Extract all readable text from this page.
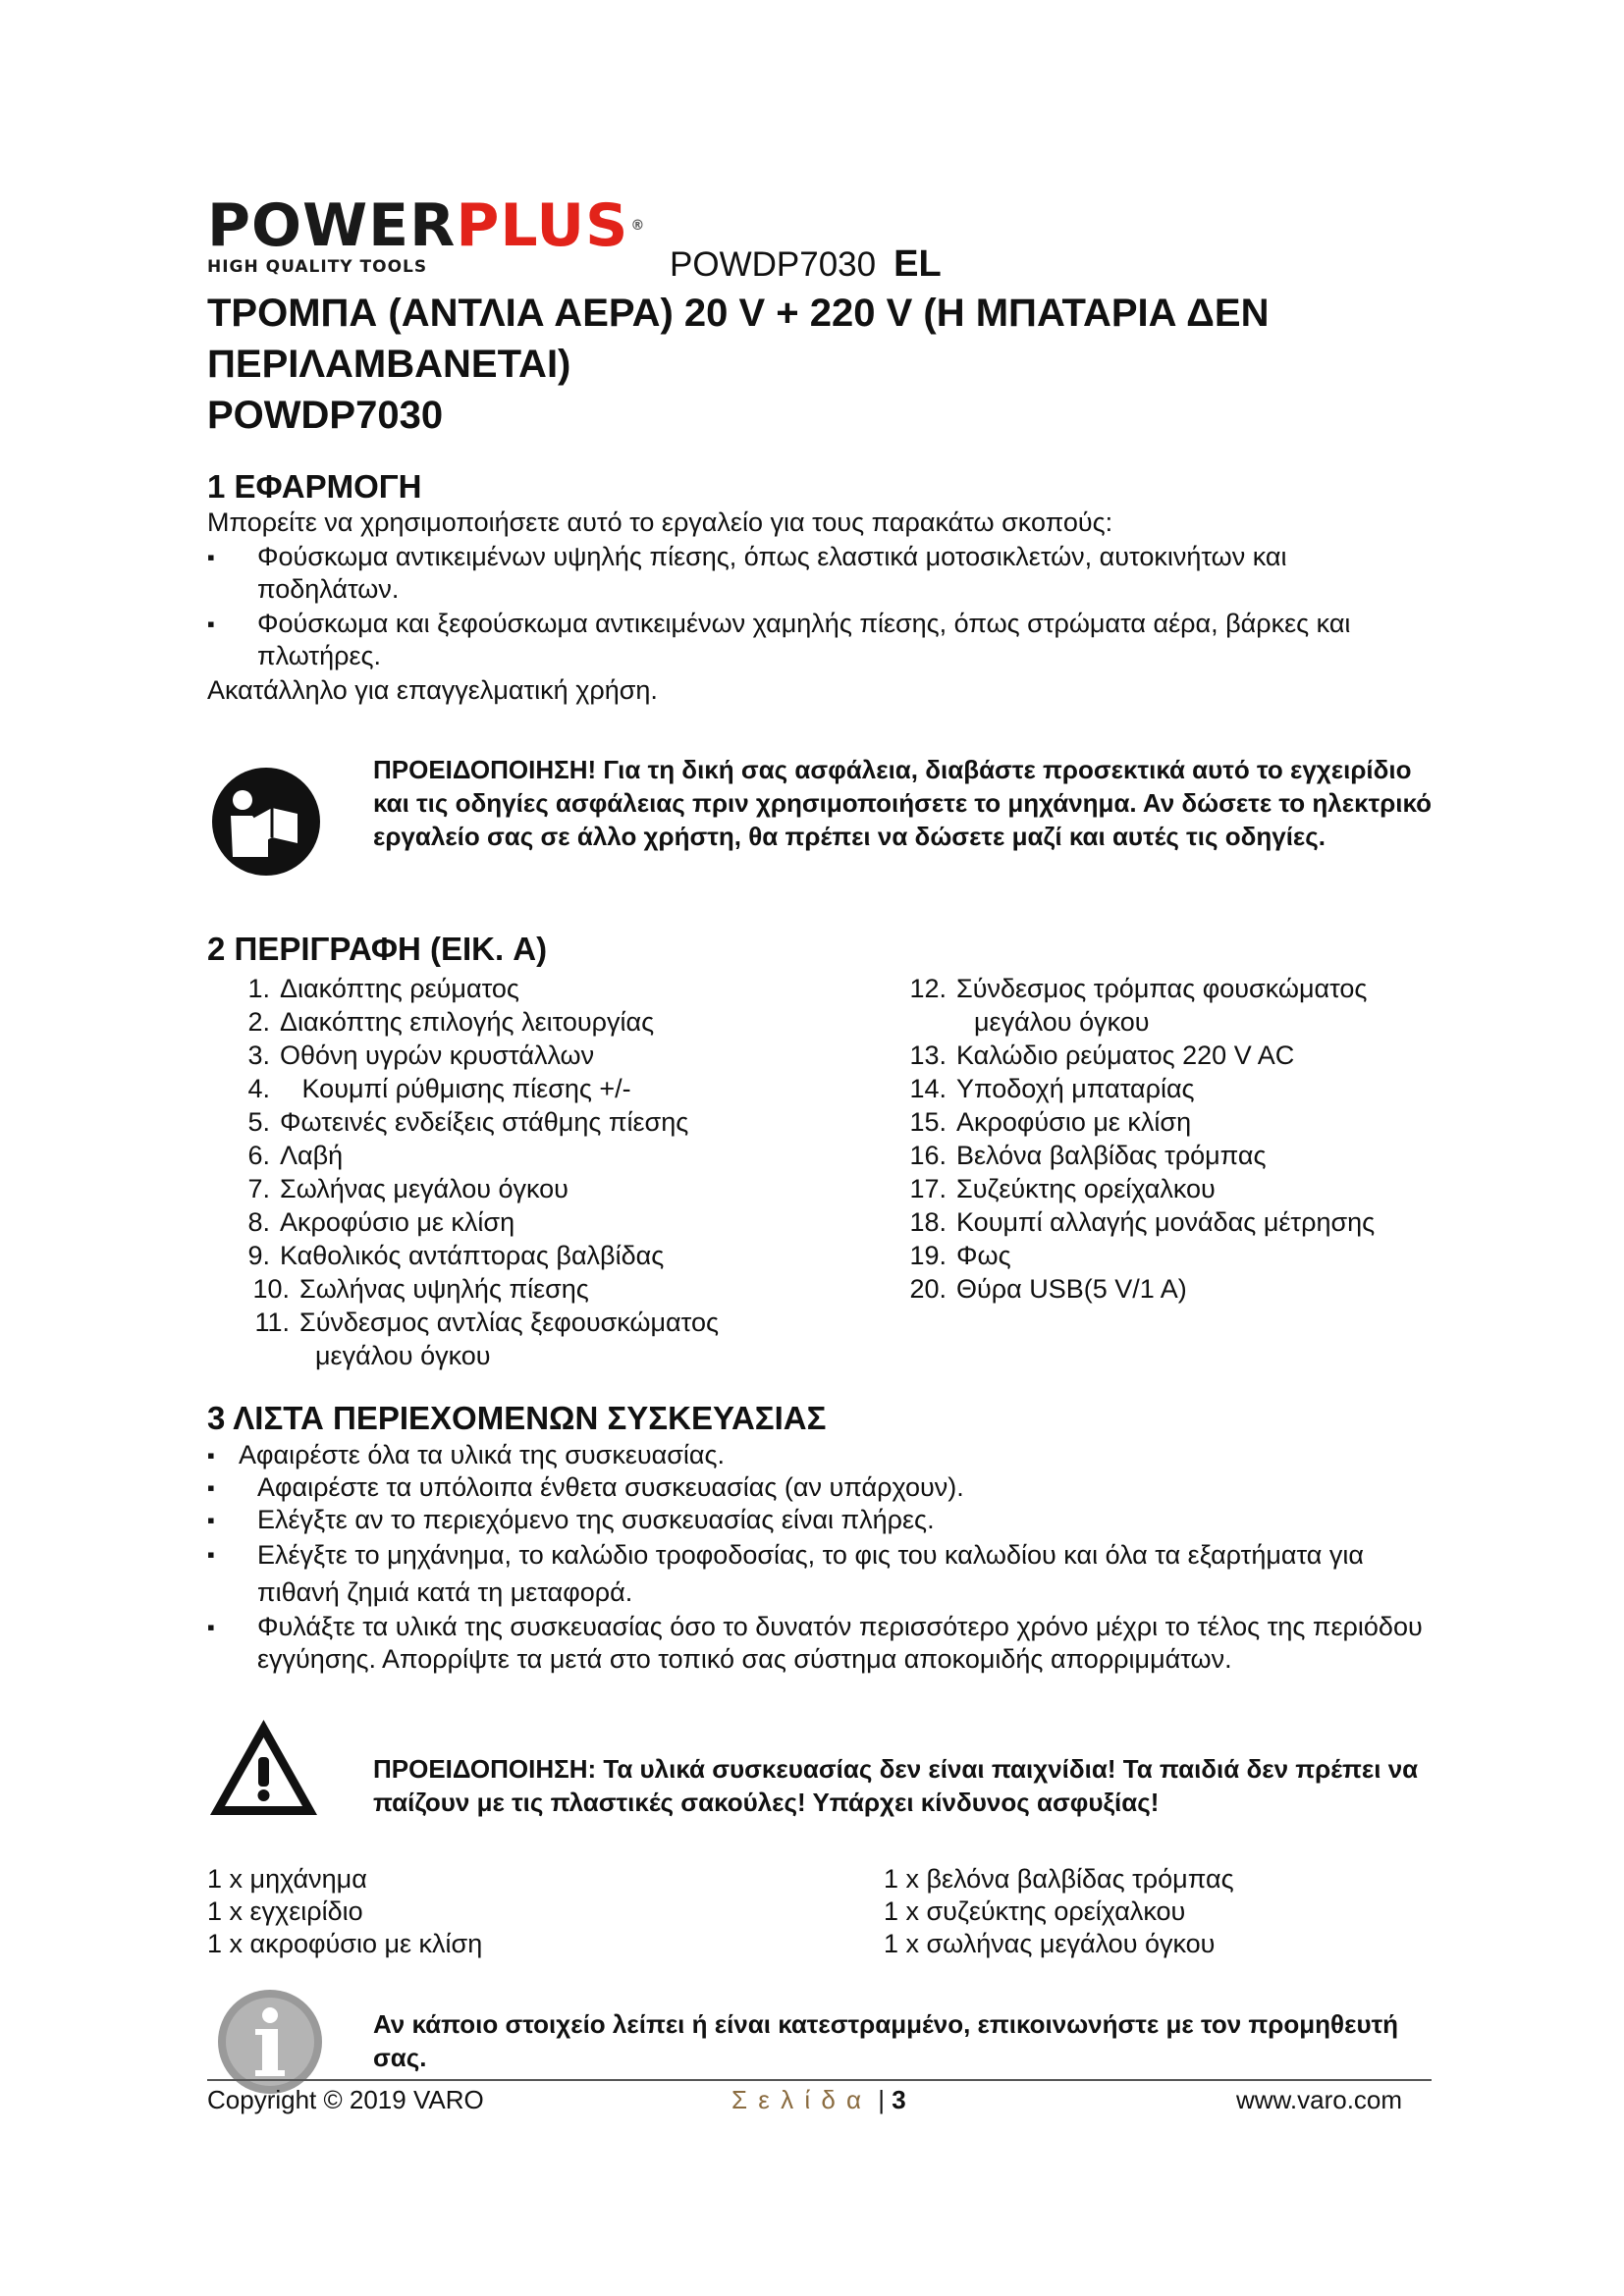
POWERPLUS ®
HIGH QUALITY TOOLS	POWDP7030 EL
ΤΡΟΜΠΑ (ΑΝΤΛΙΑ ΑΕΡΑ) 20 V + 220 V (Η ΜΠΑΤΑΡΙΑ ΔΕΝ
ΠΕΡΙΛΑΜΒΑΝΕΤΑΙ)
POWDP7030
1 ΕΦΑΡΜΟΓΗ
Μπορείτε να χρησιμοποιήσετε αυτό το εργαλείο για τους παρακάτω σκοπούς:
▪ Φούσκωμα αντικειμένων υψηλής πίεσης, όπως ελαστικά μοτοσικλετών, αυτοκινήτων και ποδηλάτων.
▪ Φούσκωμα και ξεφούσκωμα αντικειμένων χαμηλής πίεσης, όπως στρώματα αέρα, βάρκες και πλωτήρες.
Ακατάλληλο για επαγγελματική χρήση.
ΠΡΟΕΙΔΟΠΟΙΗΣΗ! Για τη δική σας ασφάλεια, διαβάστε προσεκτικά αυτό το εγχειρίδιο και τις οδηγίες ασφάλειας πριν χρησιμοποιήσετε το μηχάνημα. Αν δώσετε το ηλεκτρικό εργαλείο σας σε άλλο χρήστη, θα πρέπει να δώσετε μαζί και αυτές τις οδηγίες.
2 ΠΕΡΙΓΡΑΦΗ (ΕΙΚ. A)
1. Διακόπτης ρεύματος
2. Διακόπτης επιλογής λειτουργίας
3. Οθόνη υγρών κρυστάλλων
4. Κουμπί ρύθμισης πίεσης +/-
5. Φωτεινές ενδείξεις στάθμης πίεσης
6. Λαβή
7. Σωλήνας μεγάλου όγκου
8. Ακροφύσιο με κλίση
9. Καθολικός αντάπτορας βαλβίδας
10. Σωλήνας υψηλής πίεσης
11. Σύνδεσμος αντλίας ξεφουσκώματος
μεγάλου όγκου
12. Σύνδεσμος τρόμπας φουσκώματος
μεγάλου όγκου
13. Καλώδιο ρεύματος 220 V AC
14. Υποδοχή μπαταρίας
15. Ακροφύσιο με κλίση
16. Βελόνα βαλβίδας τρόμπας
17. Συζεύκτης ορείχαλκου
18. Κουμπί αλλαγής μονάδας μέτρησης
19. Φως
20. Θύρα USB(5 V/1 A)
3 ΛΙΣΤΑ ΠΕΡΙΕΧΟΜΕΝΩΝ ΣΥΣΚΕΥΑΣΙΑΣ
▪ Αφαιρέστε όλα τα υλικά της συσκευασίας.
▪ Αφαιρέστε τα υπόλοιπα ένθετα συσκευασίας (αν υπάρχουν).
▪ Ελέγξτε αν το περιεχόμενο της συσκευασίας είναι πλήρες.
▪ Ελέγξτε το μηχάνημα, το καλώδιο τροφοδοσίας, το φις του καλωδίου και όλα τα εξαρτήματα για πιθανή ζημιά κατά τη μεταφορά.
▪ Φυλάξτε τα υλικά της συσκευασίας όσο το δυνατόν περισσότερο χρόνο μέχρι το τέλος της περιόδου εγγύησης. Απορρίψτε τα μετά στο τοπικό σας σύστημα αποκομιδής απορριμμάτων.
ΠΡΟΕΙΔΟΠΟΙΗΣΗ: Τα υλικά συσκευασίας δεν είναι παιχνίδια! Τα παιδιά δεν πρέπει να παίζουν με τις πλαστικές σακούλες! Υπάρχει κίνδυνος ασφυξίας!
1 x μηχάνημα
1 x εγχειρίδιο
1 x ακροφύσιο με κλίση
1 x βελόνα βαλβίδας τρόμπας
1 x συζεύκτης ορείχαλκου
1 x σωλήνας μεγάλου όγκου
Αν κάποιο στοιχείο λείπει ή είναι κατεστραμμένο, επικοινωνήστε με τον προμηθευτή σας.
Copyright © 2019 VARO	Σ ε λ ί δ α | 3	www.varo.com
